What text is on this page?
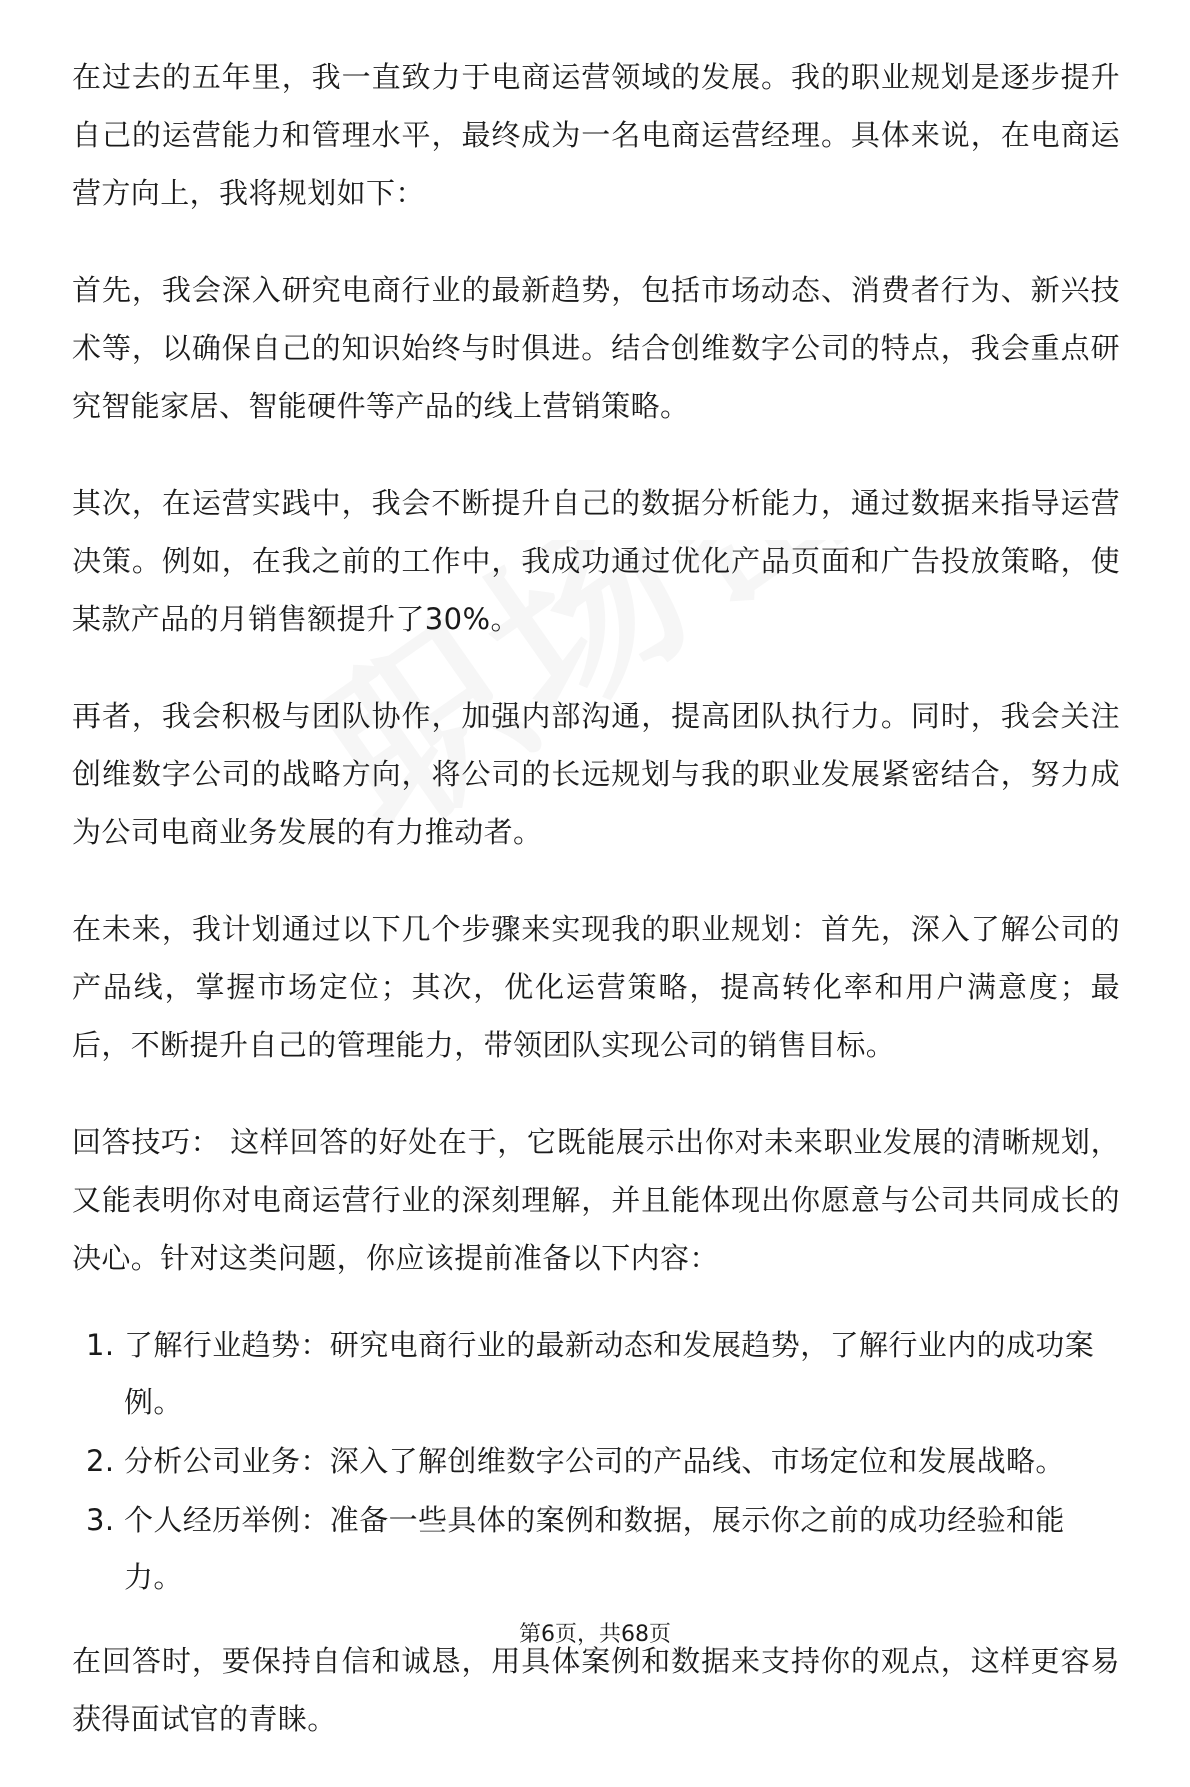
在过去的五年里，我一直致力于电商运营领域的发展。我的职业规划是逐步提升自己的运营能力和管理水平，最终成为一名电商运营经理。具体来说，在电商运营方向上，我将规划如下：

首先，我会深入研究电商行业的最新趋势，包括市场动态、消费者行为、新兴技术等，以确保自己的知识始终与时俱进。结合创维数字公司的特点，我会重点研究智能家居、智能硬件等产品的线上营销策略。

其次，在运营实践中，我会不断提升自己的数据分析能力，通过数据来指导运营决策。例如，在我之前的工作中，我成功通过优化产品页面和广告投放策略，使某款产品的月销售额提升了30%。

再者，我会积极与团队协作，加强内部沟通，提高团队执行力。同时，我会关注创维数字公司的战略方向，将公司的长远规划与我的职业发展紧密结合，努力成为公司电商业务发展的有力推动者。

在未来，我计划通过以下几个步骤来实现我的职业规划：首先，深入了解公司的产品线，掌握市场定位；其次，优化运营策略，提高转化率和用户满意度；最后，不断提升自己的管理能力，带领团队实现公司的销售目标。

回答技巧： 这样回答的好处在于，它既能展示出你对未来职业发展的清晰规划，又能表明你对电商运营行业的深刻理解，并且能体现出你愿意与公司共同成长的决心。针对这类问题，你应该提前准备以下内容：

1. 了解行业趋势：研究电商行业的最新动态和发展趋势，了解行业内的成功案例。
2. 分析公司业务：深入了解创维数字公司的产品线、市场定位和发展战略。
3. 个人经历举例：准备一些具体的案例和数据，展示你之前的成功经验和能力。

在回答时，要保持自信和诚恳，用具体案例和数据来支持你的观点，这样更容易获得面试官的青睐。

第6页，共68页
